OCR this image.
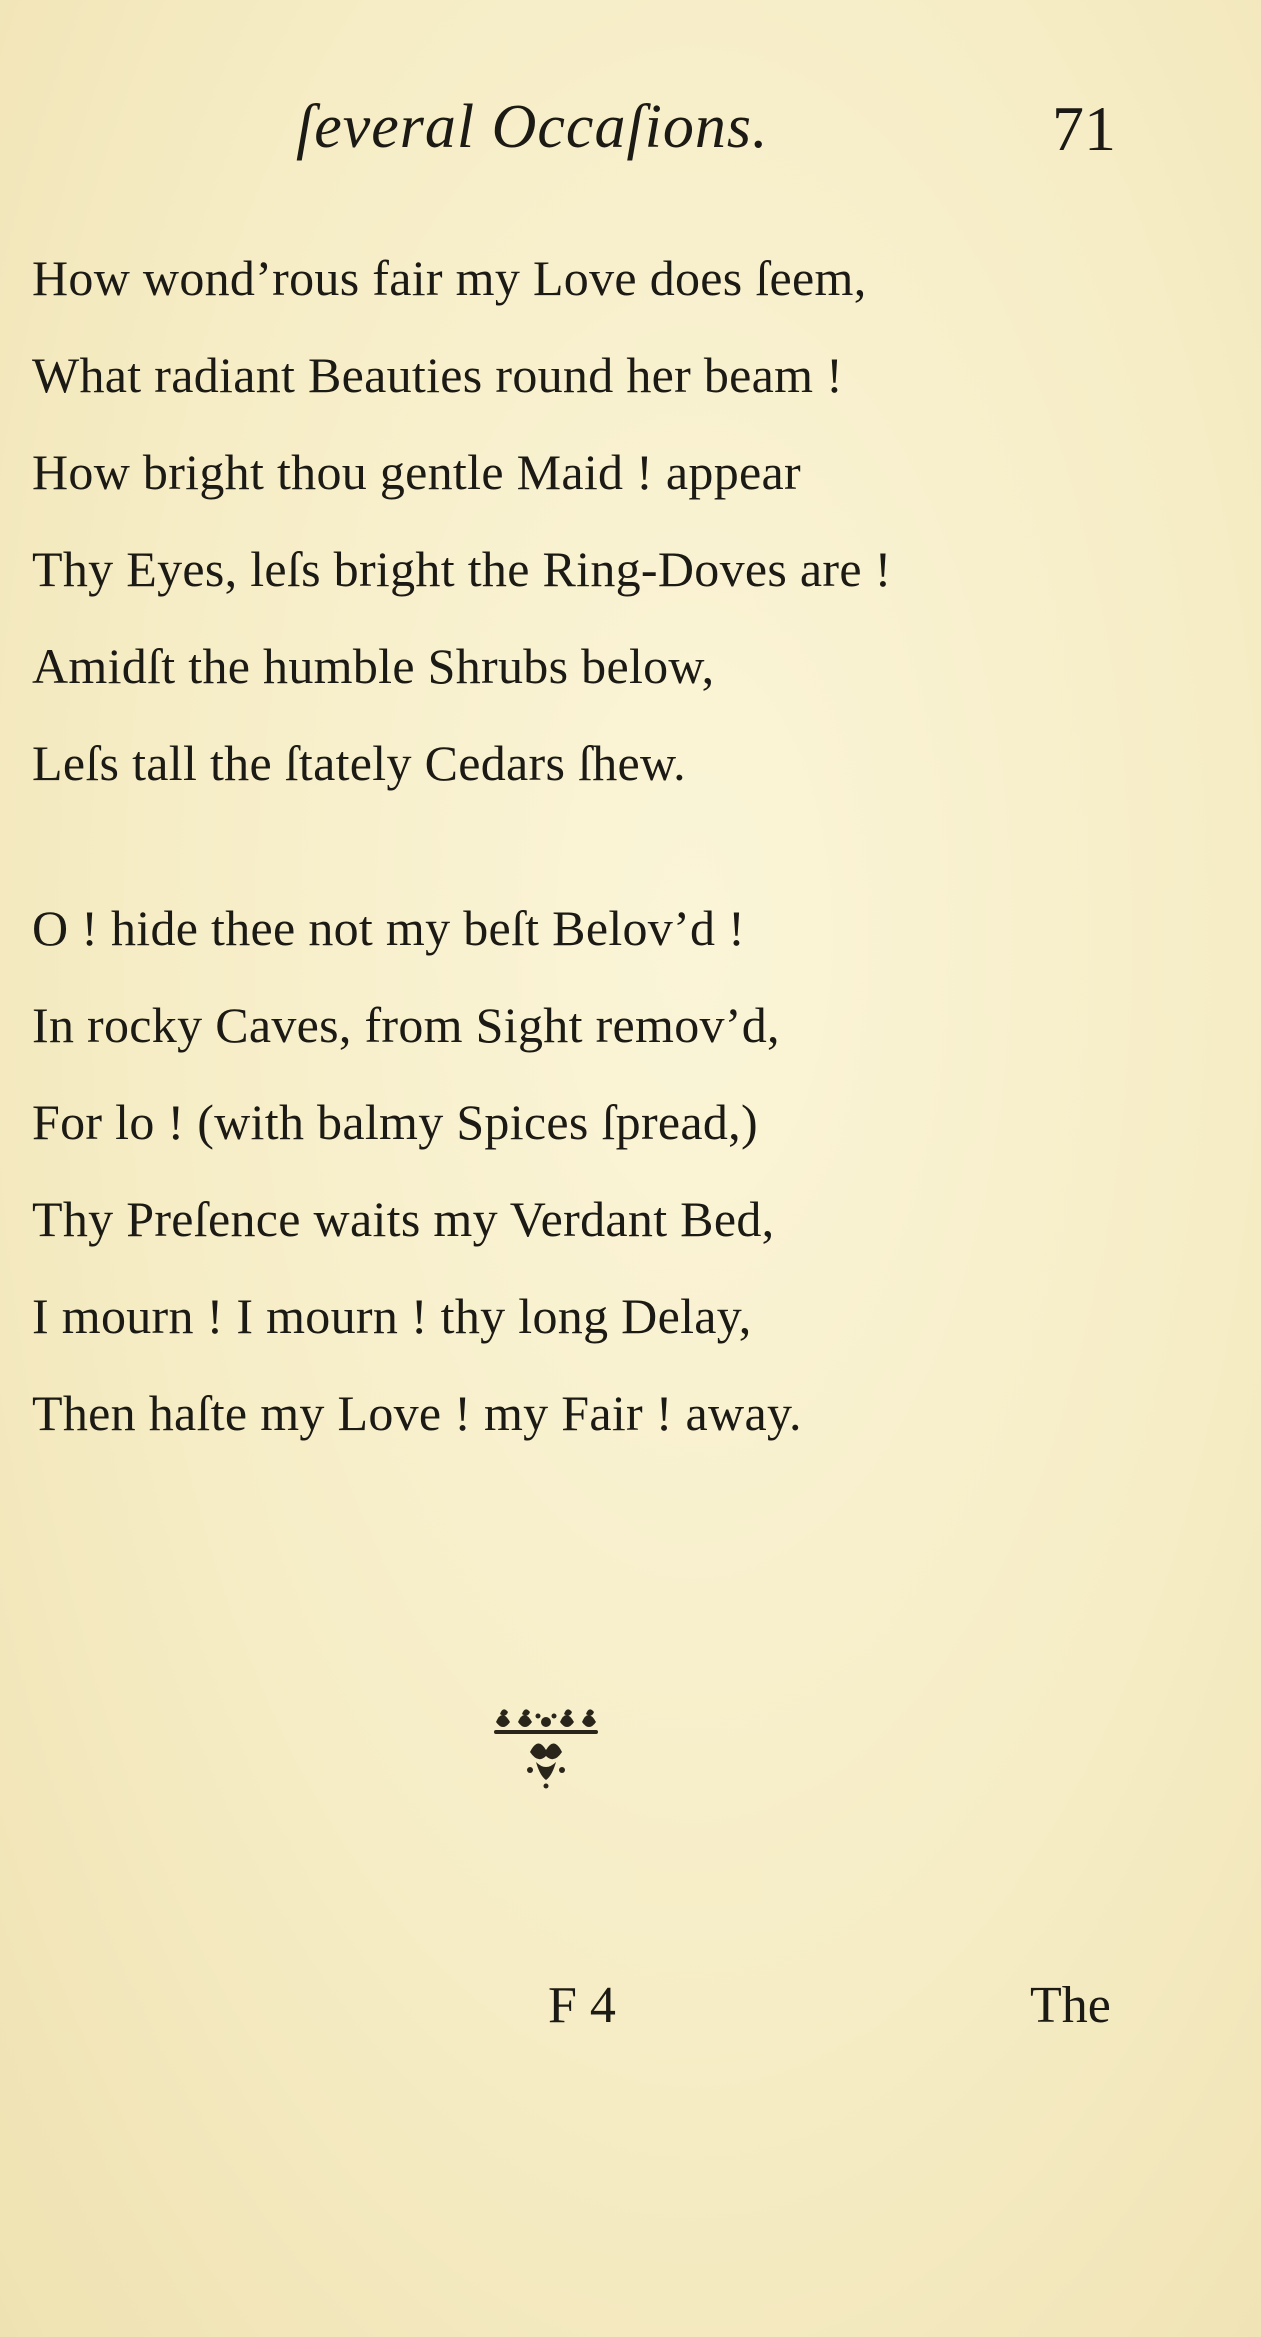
ſeveral Occaſions.	71
How wond’rous fair my Love does ſeem,
What radiant Beauties round her beam !
How bright thou gentle Maid ! appear
Thy Eyes, leſs bright the Ring-Doves are !
Amidſt the humble Shrubs below,
Leſs tall the ſtately Cedars ſhew.
O ! hide thee not my beſt Belov’d !
In rocky Caves, from Sight remov’d,
For lo ! (with balmy Spices ſpread,)
Thy Preſence waits my Verdant Bed,
I mourn ! I mourn ! thy long Delay,
Then haſte my Love ! my Fair ! away.
F 4	The
